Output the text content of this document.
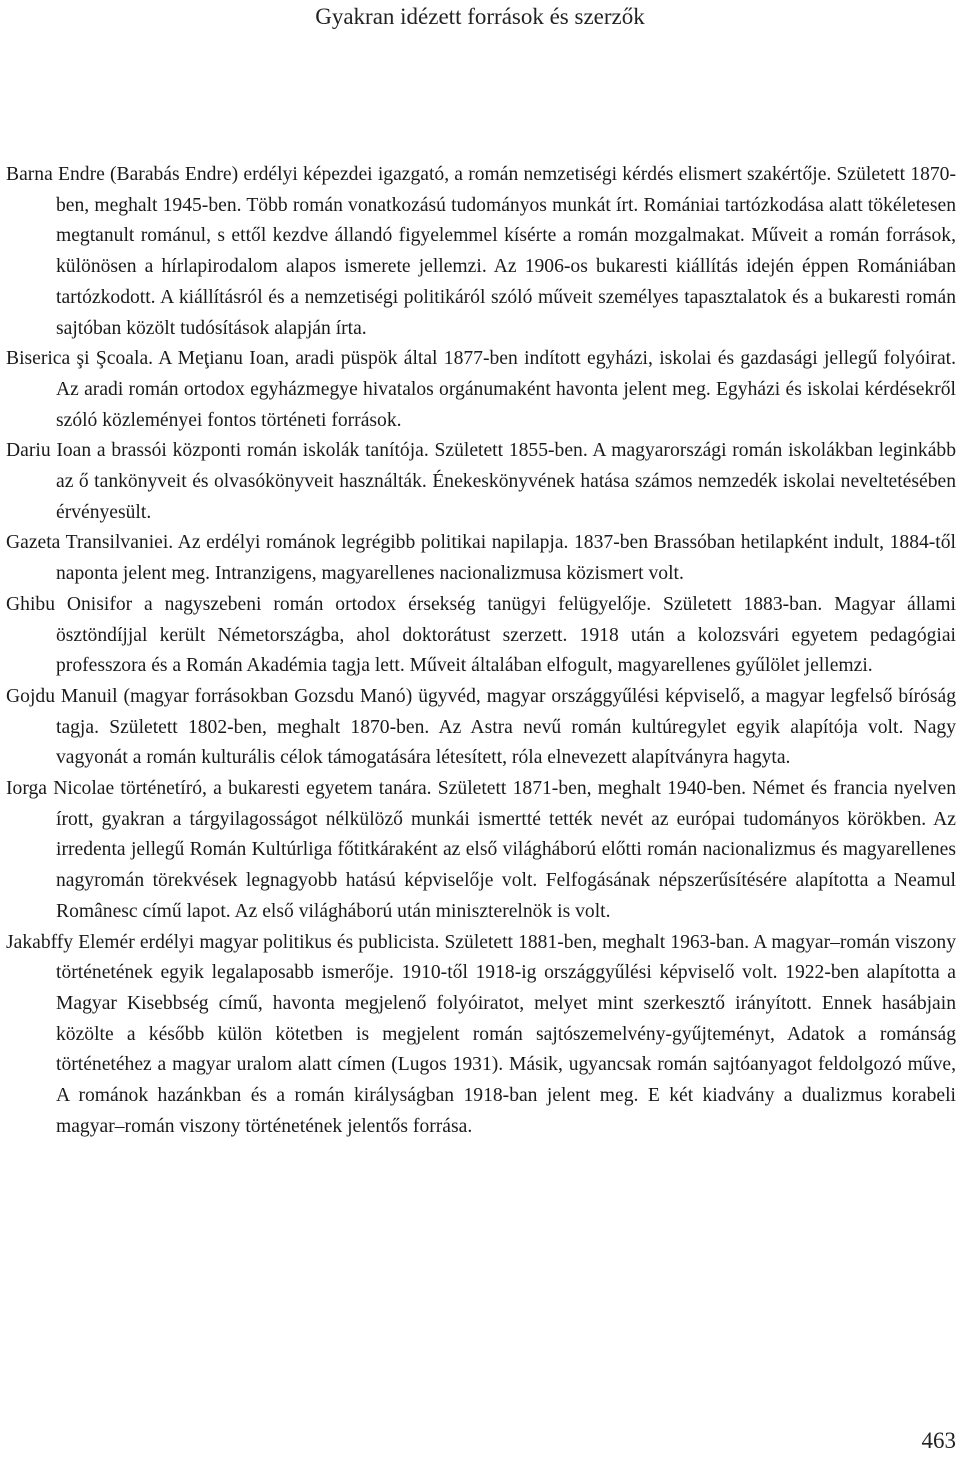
Gyakran idézett források és szerzők

Barna Endre (Barabás Endre) erdélyi képezdei igazgató, a román nemzetiségi kérdés elismert szakértője. Született 1870-ben, meghalt 1945-ben. Több román vonatkozású tudományos munkát írt. Romániai tartózkodása alatt tökéletesen megtanult románul, s ettől kezdve állandó figyelemmel kísérte a román mozgalmakat. Műveit a román források, különösen a hírlapirodalom alapos ismerete jellemzi. Az 1906-os bukaresti kiállítás idején éppen Romániában tartózkodott. A kiállításról és a nemzetiségi politikáról szóló műveit személyes tapasztalatok és a bukaresti román sajtóban közölt tudósítások alapján írta.

Biserica şi Şcoala. A Meţianu Ioan, aradi püspök által 1877-ben indított egyházi, iskolai és gazdasági jellegű folyóirat. Az aradi román ortodox egyházmegye hivatalos orgánumaként havonta jelent meg. Egyházi és iskolai kérdésekről szóló közleményei fontos történeti források.

Dariu Ioan a brassói központi román iskolák tanítója. Született 1855-ben. A magyarországi román iskolákban leginkább az ő tankönyveit és olvasókönyveit használták. Énekeskönyvének hatása számos nemzedék iskolai neveltetésében érvényesült.

Gazeta Transilvaniei. Az erdélyi románok legrégibb politikai napilapja. 1837-ben Brassóban hetilapként indult, 1884-től naponta jelent meg. Intranzigens, magyarellenes nacionalizmusa közismert volt.

Ghibu Onisifor a nagyszebeni román ortodox érsekség tanügyi felügyelője. Született 1883-ban. Magyar állami ösztöndíjjal került Németországba, ahol doktorátust szerzett. 1918 után a kolozsvári egyetem pedagógiai professzora és a Román Akadémia tagja lett. Műveit általában elfogult, magyarellenes gyűlölet jellemzi.

Gojdu Manuil (magyar forrásokban Gozsdu Manó) ügyvéd, magyar országgyűlési képviselő, a magyar legfelső bíróság tagja. Született 1802-ben, meghalt 1870-ben. Az Astra nevű román kultúregylet egyik alapítója volt. Nagy vagyonát a román kulturális célok támogatására létesített, róla elnevezett alapítványra hagyta.

Iorga Nicolae történetíró, a bukaresti egyetem tanára. Született 1871-ben, meghalt 1940-ben. Német és francia nyelven írott, gyakran a tárgyilagosságot nélkülöző munkái ismertté tették nevét az európai tudományos körökben. Az irredenta jellegű Román Kultúrliga főtitkáraként az első világháború előtti román nacionalizmus és magyarellenes nagyromán törekvések legnagyobb hatású képviselője volt. Felfogásának népszerűsítésére alapította a Neamul Românesc című lapot. Az első világháború után miniszterelnök is volt.

Jakabffy Elemér erdélyi magyar politikus és publicista. Született 1881-ben, meghalt 1963-ban. A magyar–román viszony történetének egyik legalaposabb ismerője. 1910-től 1918-ig országgyűlési képviselő volt. 1922-ben alapította a Magyar Kisebbség című, havonta megjelenő folyóiratot, melyet mint szerkesztő irányított. Ennek hasábjain közölte a később külön kötetben is megjelent román sajtószemelvény-gyűjteményt, Adatok a románság történetéhez a magyar uralom alatt címen (Lugos 1931). Másik, ugyancsak román sajtóanyagot feldolgozó műve, A románok hazánkban és a román királyságban 1918-ban jelent meg. E két kiadvány a dualizmus korabeli magyar–román viszony történetének jelentős forrása.

463
